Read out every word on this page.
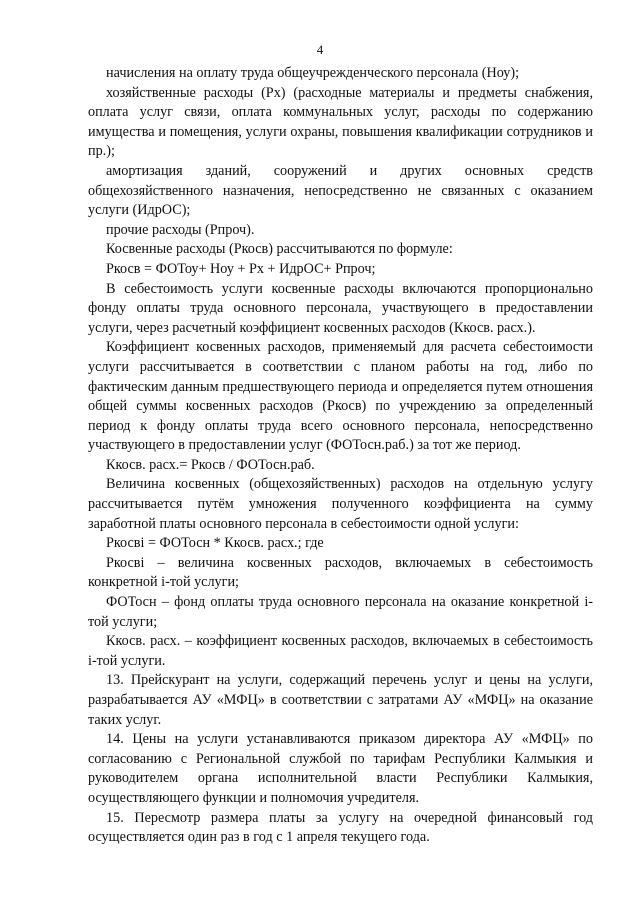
4

начисления на оплату труда общеучрежденческого персонала (Ноу);

хозяйственные расходы (Рх) (расходные материалы и предметы снабжения, оплата услуг связи, оплата коммунальных услуг, расходы по содержанию имущества и помещения, услуги охраны, повышения квалификации сотрудников и пр.);

амортизация зданий, сооружений и других основных средств общехозяйственного назначения, непосредственно не связанных с оказанием услуги (ИдрОС);

прочие расходы (Рпроч).

Косвенные расходы (Ркосв) рассчитываются по формуле:

Ркосв = ФОТоу+ Ноу + Рх + ИдрОС+ Рпроч;

В себестоимость услуги косвенные расходы включаются пропорционально фонду оплаты труда основного персонала, участвующего в предоставлении услуги, через расчетный коэффициент косвенных расходов (Ккосв. расх.).

Коэффициент косвенных расходов, применяемый для расчета себестоимости услуги рассчитывается в соответствии с планом работы на год, либо по фактическим данным предшествующего периода и определяется путем отношения общей суммы косвенных расходов (Ркосв) по учреждению за определенный период к фонду оплаты труда всего основного персонала, непосредственно участвующего в предоставлении услуг (ФОТосн.раб.) за тот же период.

Ккосв. расх.= Ркосв / ФОТосн.раб.

Величина косвенных (общехозяйственных) расходов на отдельную услугу рассчитывается путём умножения полученного коэффициента на сумму заработной платы основного персонала в себестоимости одной услуги:

Ркосвi = ФОТосн * Ккосв. расх.; где

Ркосвi – величина косвенных расходов, включаемых в себестоимость конкретной i-той услуги;

ФОТосн – фонд оплаты труда основного персонала на оказание конкретной i-той услуги;

Ккосв. расх. – коэффициент косвенных расходов, включаемых в себестоимость i-той услуги.

13. Прейскурант на услуги, содержащий перечень услуг и цены на услуги, разрабатывается АУ «МФЦ» в соответствии с затратами АУ «МФЦ» на оказание таких услуг.

14. Цены на услуги устанавливаются приказом директора АУ «МФЦ» по согласованию с Региональной службой по тарифам Республики Калмыкия и руководителем органа исполнительной власти Республики Калмыкия, осуществляющего функции и полномочия учредителя.

15. Пересмотр размера платы за услугу на очередной финансовый год осуществляется один раз в год с 1 апреля текущего года.
